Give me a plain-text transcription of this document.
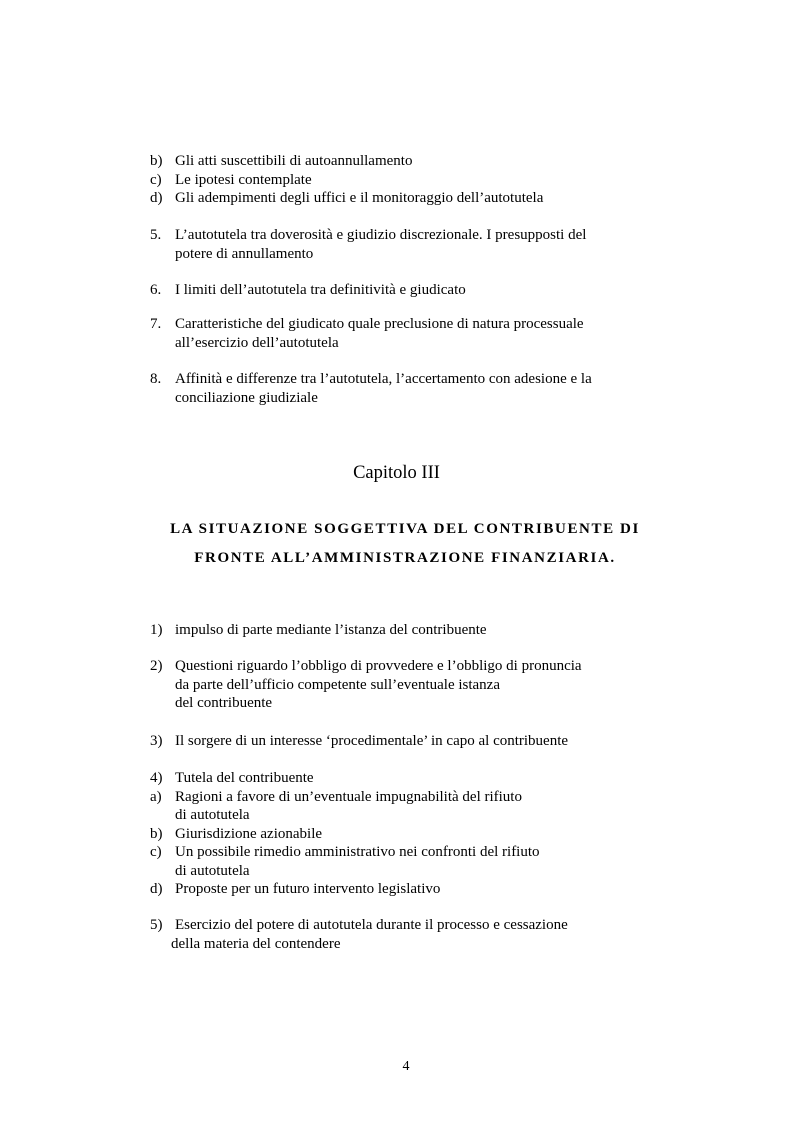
b) Gli atti suscettibili di autoannullamento
c) Le ipotesi contemplate
d) Gli adempimenti degli uffici e il monitoraggio dell’autotutela
5. L’autotutela tra doverosità e giudizio discrezionale. I presupposti del
potere di annullamento
6. I limiti dell’autotutela tra definitività e giudicato
7. Caratteristiche del giudicato quale preclusione di natura processuale
all’esercizio dell’autotutela
8. Affinità e differenze tra l’autotutela, l’accertamento con adesione e la
conciliazione giudiziale
Capitolo III
LA SITUAZIONE SOGGETTIVA DEL CONTRIBUENTE DI
FRONTE ALL’AMMINISTRAZIONE FINANZIARIA.
1) impulso di parte mediante l’istanza del contribuente
2) Questioni riguardo l’obbligo di provvedere e l’obbligo di pronuncia
da parte dell’ufficio competente sull’eventuale istanza
del contribuente
3) Il sorgere di un interesse ‘procedimentale’ in capo al contribuente
4) Tutela del contribuente
a) Ragioni a favore di un’eventuale impugnabilità del rifiuto
di autotutela
b) Giurisdizione azionabile
c) Un possibile rimedio amministrativo nei confronti del rifiuto
di autotutela
d) Proposte per un futuro intervento legislativo
5) Esercizio del potere di autotutela durante il processo e cessazione
della materia del contendere
4
